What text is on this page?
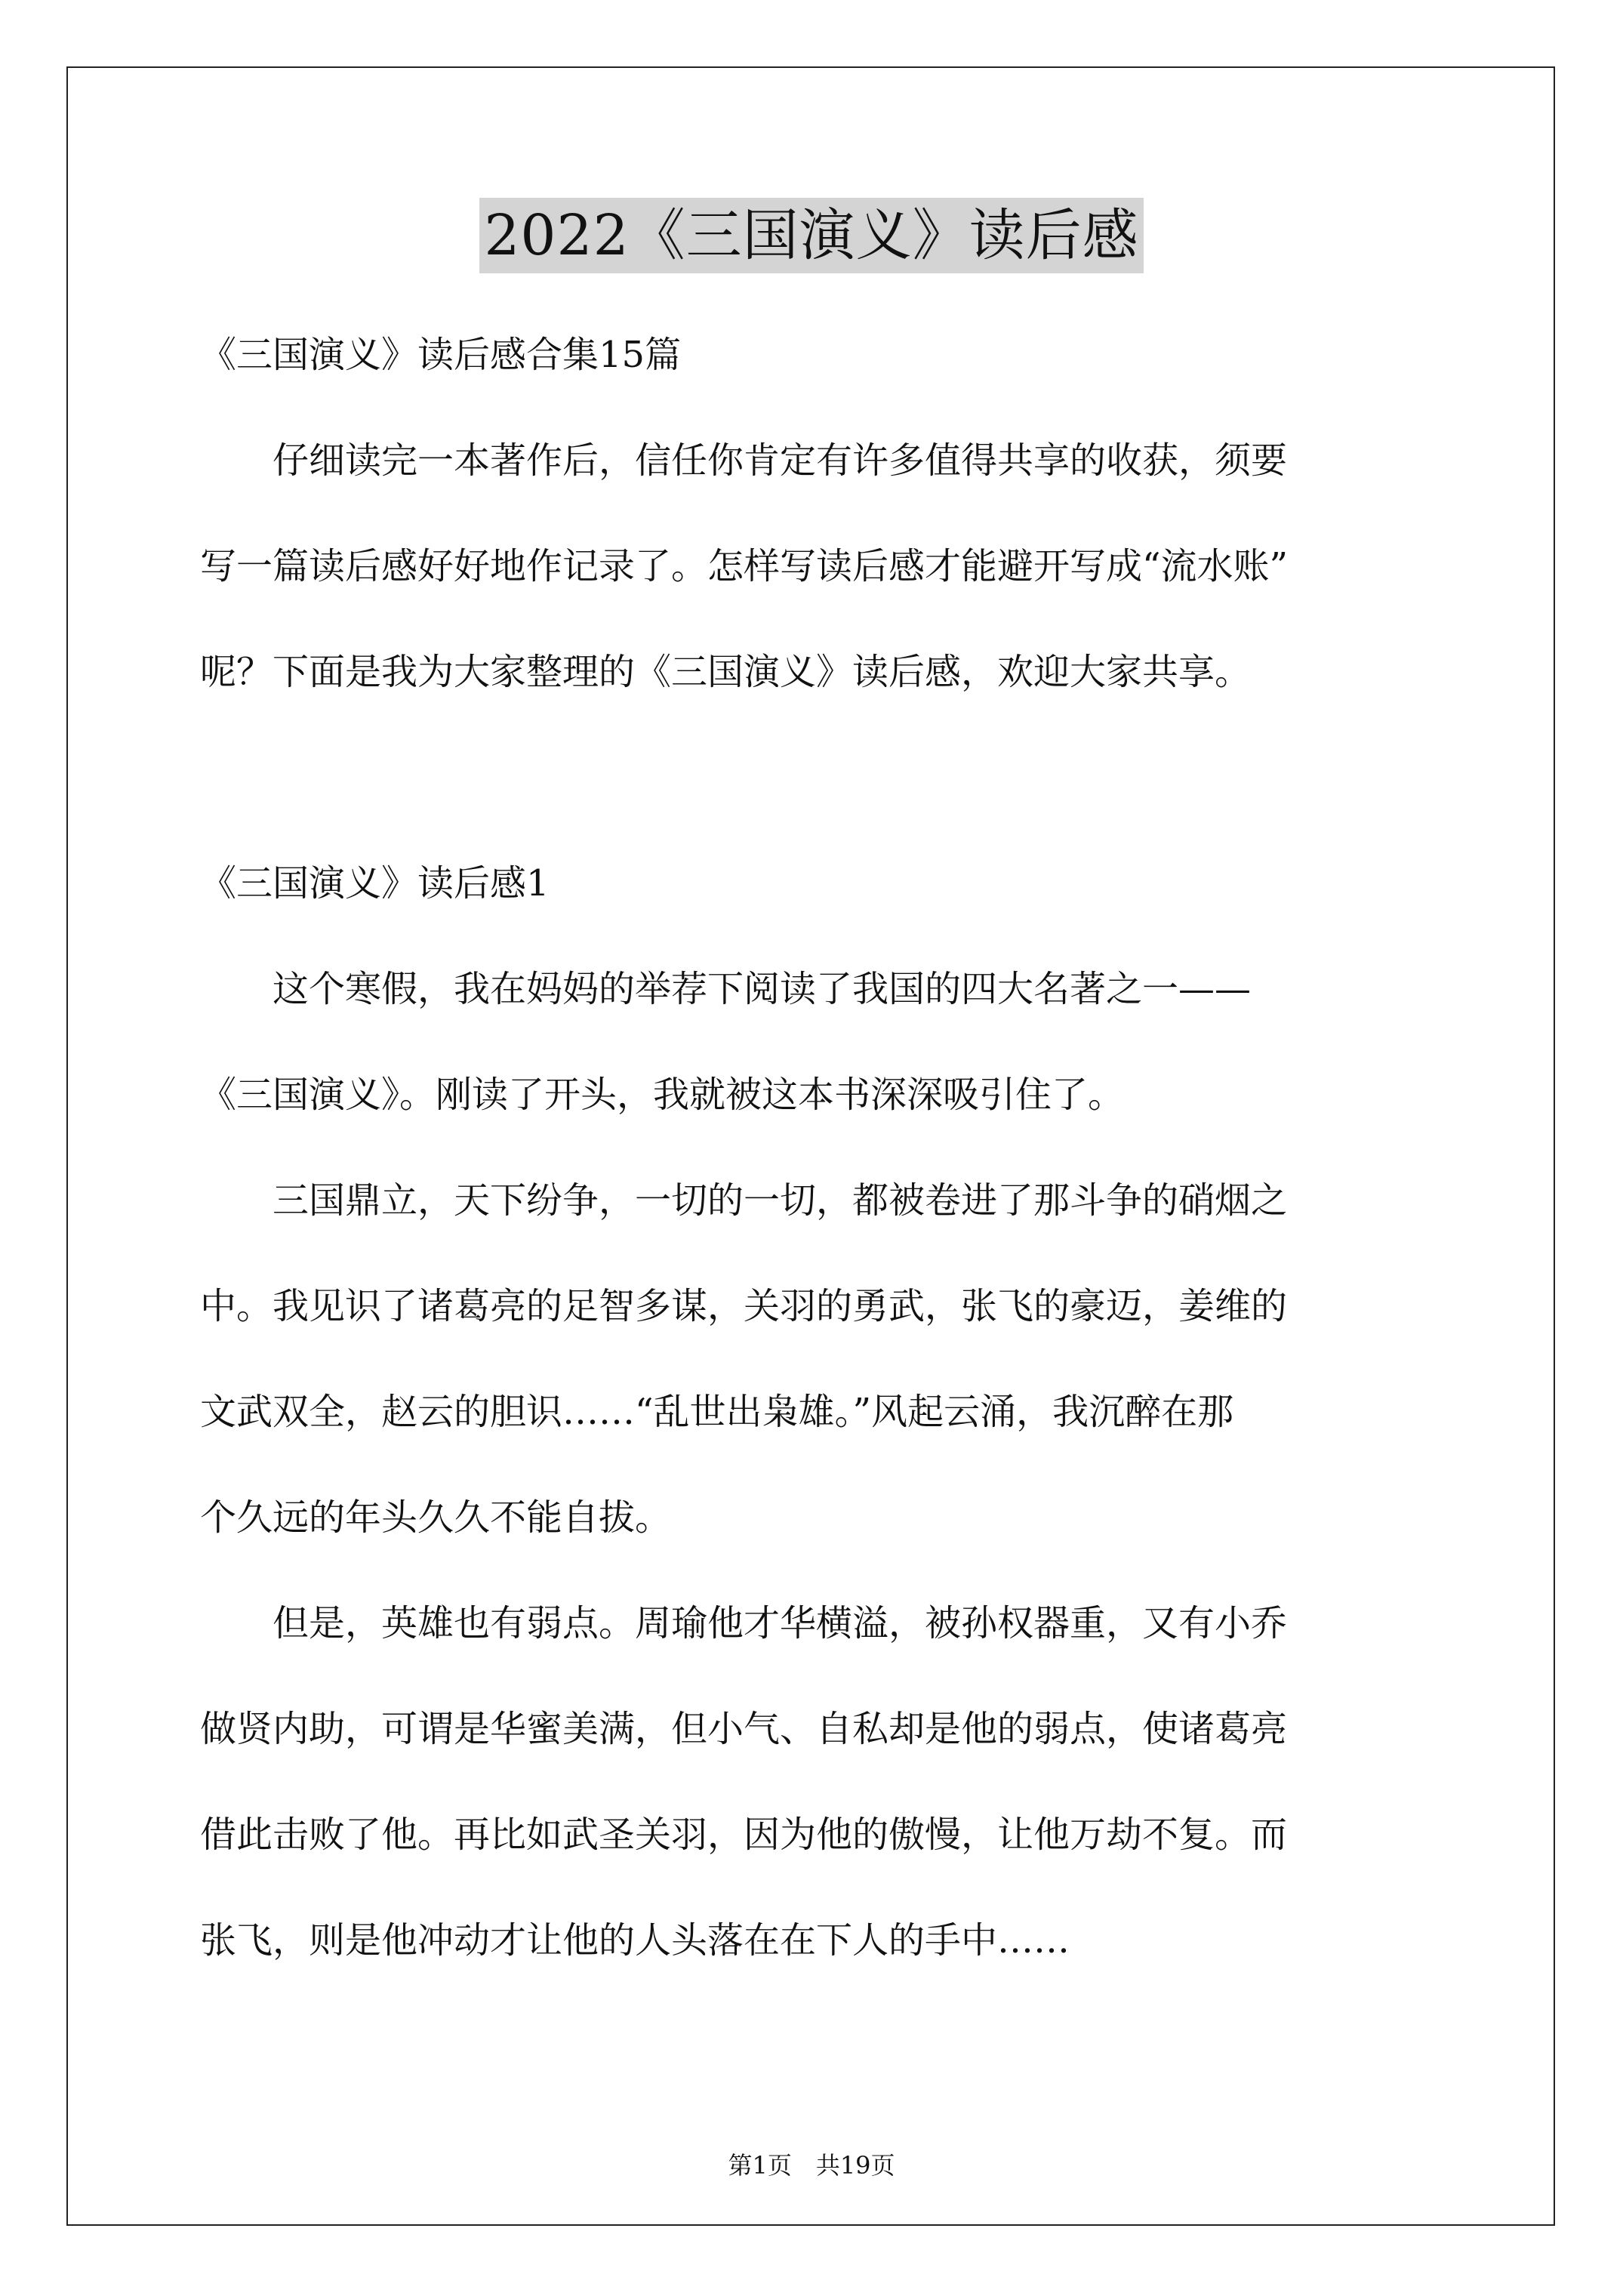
2022《三国演义》读后感

《三国演义》读后感合集15篇

　　仔细读完一本著作后，信任你肯定有许多值得共享的收获，须要

写一篇读后感好好地作记录了。怎样写读后感才能避开写成“流水账”

呢？下面是我为大家整理的《三国演义》读后感，欢迎大家共享。

《三国演义》读后感1

　　这个寒假，我在妈妈的举荐下阅读了我国的四大名著之一——

《三国演义》。刚读了开头，我就被这本书深深吸引住了。

　　三国鼎立，天下纷争，一切的一切，都被卷进了那斗争的硝烟之

中。我见识了诸葛亮的足智多谋，关羽的勇武，张飞的豪迈，姜维的

文武双全，赵云的胆识……“乱世出枭雄。”风起云涌，我沉醉在那

个久远的年头久久不能自拔。

　　但是，英雄也有弱点。周瑜他才华横溢，被孙权器重，又有小乔

做贤内助，可谓是华蜜美满，但小气、自私却是他的弱点，使诸葛亮

借此击败了他。再比如武圣关羽，因为他的傲慢，让他万劫不复。而

张飞，则是他冲动才让他的人头落在在下人的手中……

第1页　共19页
